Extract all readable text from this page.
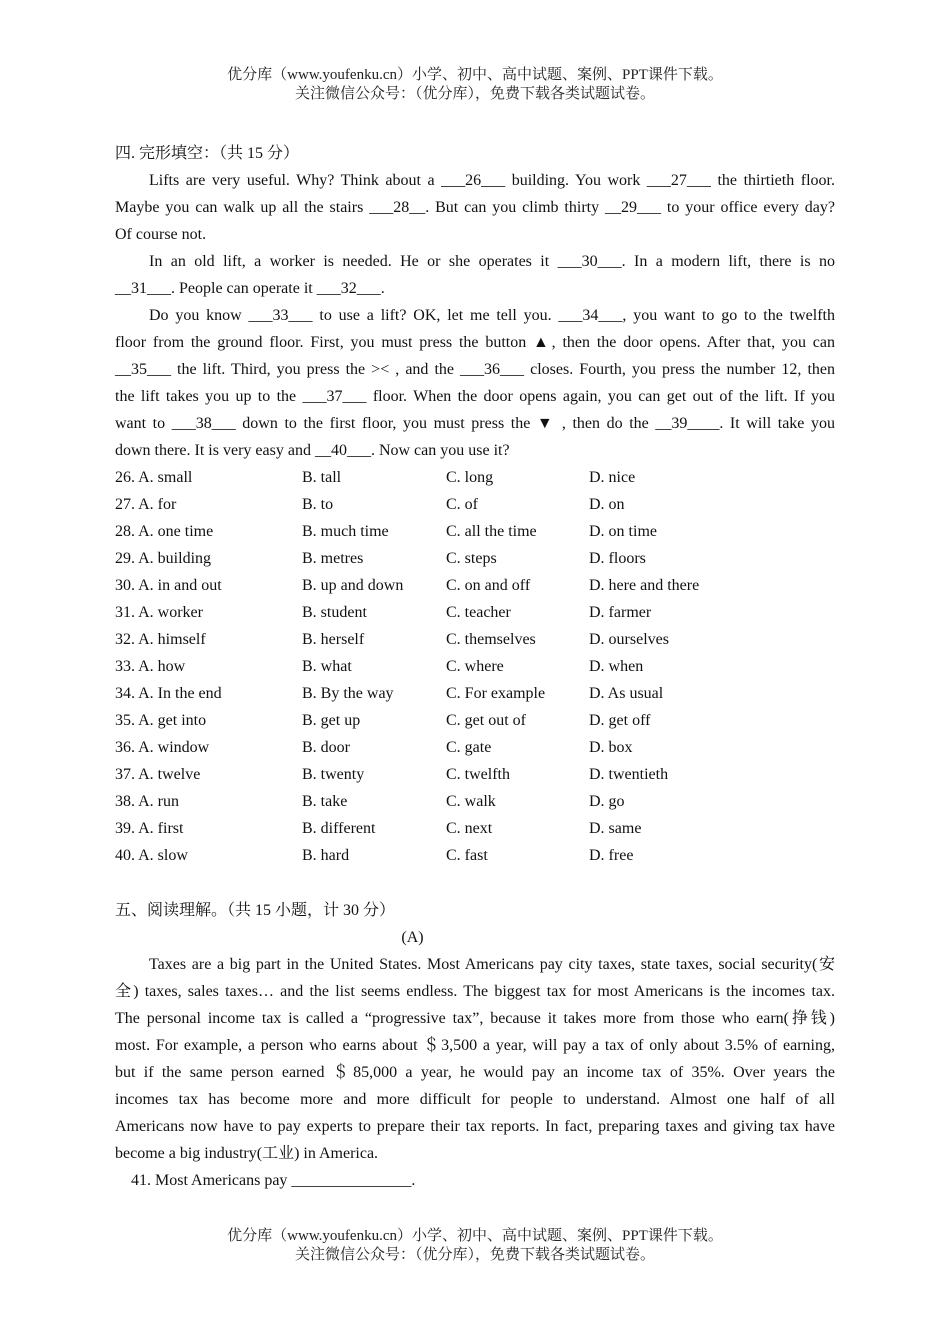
优分库（www.youfenku.cn）小学、初中、高中试题、案例、PPT课件下载。
关注微信公众号：（优分库），免费下载各类试题试卷。
四. 完形填空：（共 15 分）
Lifts are very useful. Why? Think about a ___26___ building. You work ___27___ the thirtieth floor.
Maybe you can walk up all the stairs ___28__. But can you climb thirty __29___ to your office every day?
Of course not.
In an old lift, a worker is needed. He or she operates it ___30___. In a modern lift, there is no
__31___. People can operate it ___32___.
Do you know ___33___ to use a lift? OK, let me tell you. ___34___, you want to go to the twelfth
floor from the ground floor. First, you must press the button ▲, then the door opens. After that, you can
__35___ the lift. Third, you press the >< , and the ___36___ closes. Fourth, you press the number 12, then
the lift takes you up to the ___37___ floor. When the door opens again, you can get out of the lift. If you
want to ___38___ down to the first floor, you must press the ▼ , then do the __39____. It will take you
down there. It is very easy and __40___. Now can you use it?
26. A. small	B. tall	C. long	D. nice
27. A. for	B. to	C. of	D. on
28. A. one time	B. much time	C. all the time	D. on time
29. A. building	B. metres	C. steps	D. floors
30. A. in and out	B. up and down	C. on and off	D. here and there
31. A. worker	B. student	C. teacher	D. farmer
32. A. himself	B. herself	C. themselves	D. ourselves
33. A. how	B. what	C. where	D. when
34. A. In the end	B. By the way	C. For example	D. As usual
35. A. get into	B. get up	C. get out of	D. get off
36. A. window	B. door	C. gate	D. box
37. A. twelve	B. twenty	C. twelfth	D. twentieth
38. A. run	B. take	C. walk	D. go
39. A. first	B. different	C. next	D. same
40. A. slow	B. hard	C. fast	D. free
五、阅读理解。（共 15 小题，计 30 分）
(A)
Taxes are a big part in the United States. Most Americans pay city taxes, state taxes, social security(安
全) taxes, sales taxes… and the list seems endless. The biggest tax for most Americans is the incomes tax.
The personal income tax is called a “progressive tax”, because it takes more from those who earn(挣钱)
most. For example, a person who earns about ＄3,500 a year, will pay a tax of only about 3.5% of earning,
but if the same person earned ＄85,000 a year, he would pay an income tax of 35%. Over years the
incomes tax has become more and more difficult for people to understand. Almost one half of all
Americans now have to pay experts to prepare their tax reports. In fact, preparing taxes and giving tax have
become a big industry(工业) in America.
41. Most Americans pay _______________.
优分库（www.youfenku.cn）小学、初中、高中试题、案例、PPT课件下载。
关注微信公众号：（优分库），免费下载各类试题试卷。
